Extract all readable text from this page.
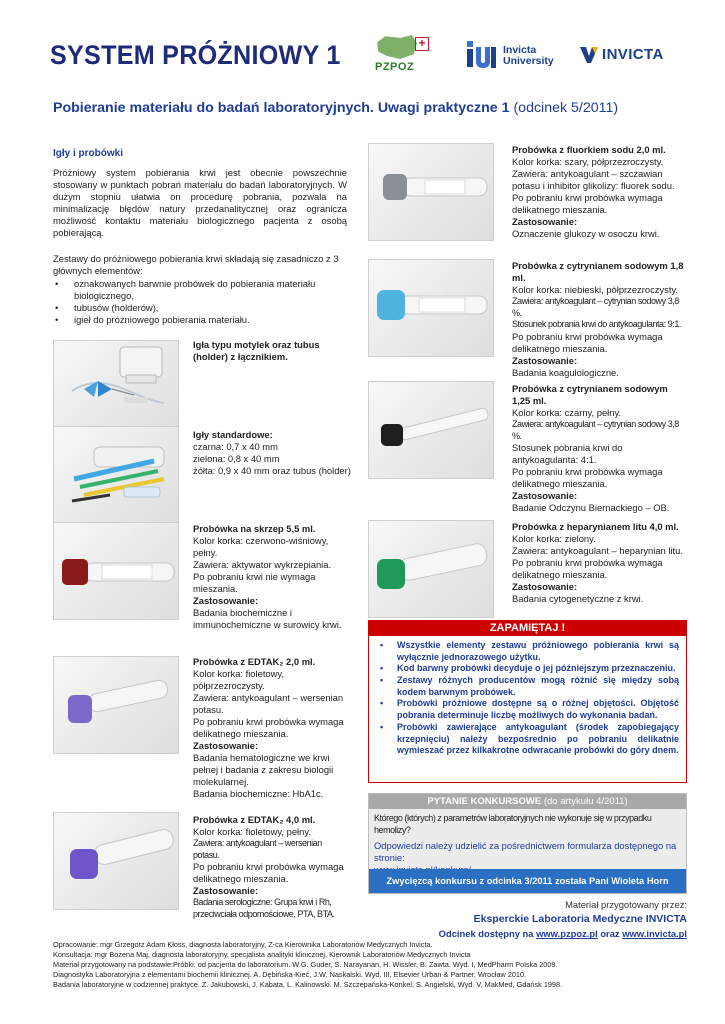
SYSTEM PRÓŻNIOWY 1	+
PZPOZ
Invicta
University	INVICTA
Pobieranie materiału do badań laboratoryjnych. Uwagi praktyczne 1 (odcinek 5/2011)
Igły i probówki
Próżniowy system pobierania krwi jest obecnie powszechnie stosowany w punktach pobrań materiału do badań laboratoryjnych. W dużym stopniu ułatwia on procedurę pobrania, pozwala na minimalizację błędów natury przedanalitycznej oraz ogranicza możliwość kontaktu materiału biologicznego pacjenta z osobą pobierającą.
Zestawy do próżniowego pobierania krwi składają się zasadniczo z 3 głównych elementów:
• oznakowanych barwnie probówek do pobierania materiału biologicznego,
• tubusów (holderów),
• igieł do próżniowego pobierania materiału.
Igła typu motylek oraz tubus (holder) z łącznikiem.
Igły standardowe:
czarna: 0,7 x 40 mm
zielona: 0,8 x 40 mm
żółta: 0,9 x 40 mm oraz tubus (holder)
Probówka na skrzep 5,5 ml.
Kolor korka: czerwono-wiśniowy, pełny.
Zawiera: aktywator wykrzepiania.
Po pobraniu krwi nie wymaga mieszania.
Zastosowanie:
Badania biochemiczne i immunochemiczne w surowicy krwi.
Probówka z EDTAK₂ 2,0 ml.
Kolor korka: fioletowy, półprzezroczysty.
Zawiera: antykoagulant – wersenian potasu.
Po pobraniu krwi probówka wymaga delikatnego mieszania.
Zastosowanie:
Badania hematologiczne we krwi pełnej i badania z zakresu biologii molekularnej.
Badania biochemiczne: HbA1c.
Probówka z EDTAK₂ 4,0 ml.
Kolor korka: fioletowy, pełny.
Zawiera: antykoagulant – wersenian potasu.
Po pobraniu krwi probówka wymaga delikatnego mieszania.
Zastosowanie:
Badania serologiczne: Grupa krwi i Rh, przeciwciała odpornościowe, PTA, BTA.
Probówka z fluorkiem sodu 2,0 ml.
Kolor korka: szary, półprzezroczysty.
Zawiera: antykoagulant – szczawian potasu i inhibitor glikolizy: fluorek sodu.
Po pobraniu krwi probówka wymaga delikatnego mieszania.
Zastosowanie:
Oznaczenie glukozy w osoczu krwi.
Probówka z cytrynianem sodowym 1,8 ml.
Kolor korka: niebieski, półprzezroczysty.
Zawiera: antykoagulant – cytrynian sodowy 3,8 %.
Stosunek pobrania krwi do antykoagulanta: 9:1.
Po pobraniu krwi probówka wymaga delikatnego mieszania.
Zastosowanie:
Badania koagulologiczne.
Probówka z cytrynianem sodowym 1,25 ml.
Kolor korka: czarny, pełny.
Zawiera: antykoagulant – cytrynian sodowy 3,8 %.
Stosunek pobrania krwi do antykoagulanta: 4:1.
Po pobraniu krwi probówka wymaga delikatnego mieszania.
Zastosowanie:
Badanie Odczynu Biernackiego – OB.
Probówka z heparynianem litu 4,0 ml.
Kolor korka: zielony.
Zawiera: antykoagulant – heparynian litu.
Po pobraniu krwi probówka wymaga delikatnego mieszania.
Zastosowanie:
Badania cytogenetyczne z krwi.
ZAPAMIĘTAJ !
• Wszystkie elementy zestawu próżniowego pobierania krwi są wyłącznie jednorazowego użytku.
• Kod barwny probówki decyduje o jej późniejszym przeznaczeniu.
• Zestawy różnych producentów mogą różnić się między sobą kodem barwnym probówek.
• Probówki próżniowe dostępne są o różnej objętości. Objętość pobrania determinuje liczbę możliwych do wykonania badań.
• Probówki zawierające antykoagulant (środek zapobiegający krzepnięciu) należy bezpośrednio po pobraniu delikatnie wymieszać przez kilkakrotne odwracanie probówki do góry dnem.
PYTANIE KONKURSOWE (do artykułu 4/2011)
Którego (których) z parametrów laboratoryjnych nie wykonuje się w przypadku hemolizy?
Odpowiedzi należy udzielić za pośrednictwem formularza dostępnego na stronie:
Zwycięzcą konkursu z odcinka 3/2011 została Pani Wioleta Horn
Materiał przygotowany przez:
Eksperckie Laboratoria Medyczne INVICTA
Odcinek dostępny na www.pzpoz.pl oraz www.invicta.pl
Opracowanie: mgr Grzegorz Adam Kłoss, diagnosta laboratoryjny, Z-ca Kierownika Laboratoriów Medycznych Invicta.
Konsultacja: mgr Bożena Maj, diagnosta laboratoryjny, specjalista analityki klinicznej, Kierownik Laboratoriów Medycznych Invicta
Materiał przygotowany na podstawie:Próbki: od pacjenta do laboratorium. W.G. Guder, S. Narayanan, H. Wissler, B. Zawta. Wyd. I, MedPharm Polska 2009.
Diagnostyka Laboratoryjna z elementami biochemii klinicznej. A. Dębińska-Kieć, J.W. Naskalski. Wyd. III, Elsevier Urban & Partner, Wrocław 2010.
Badania laboratoryjne w codziennej praktyce. Z. Jakubowski, J. Kabata, L. Kalinowski. M. Szczepańska-Konkel, S. Angielski, Wyd. V, MakMed, Gdańsk 1998.
